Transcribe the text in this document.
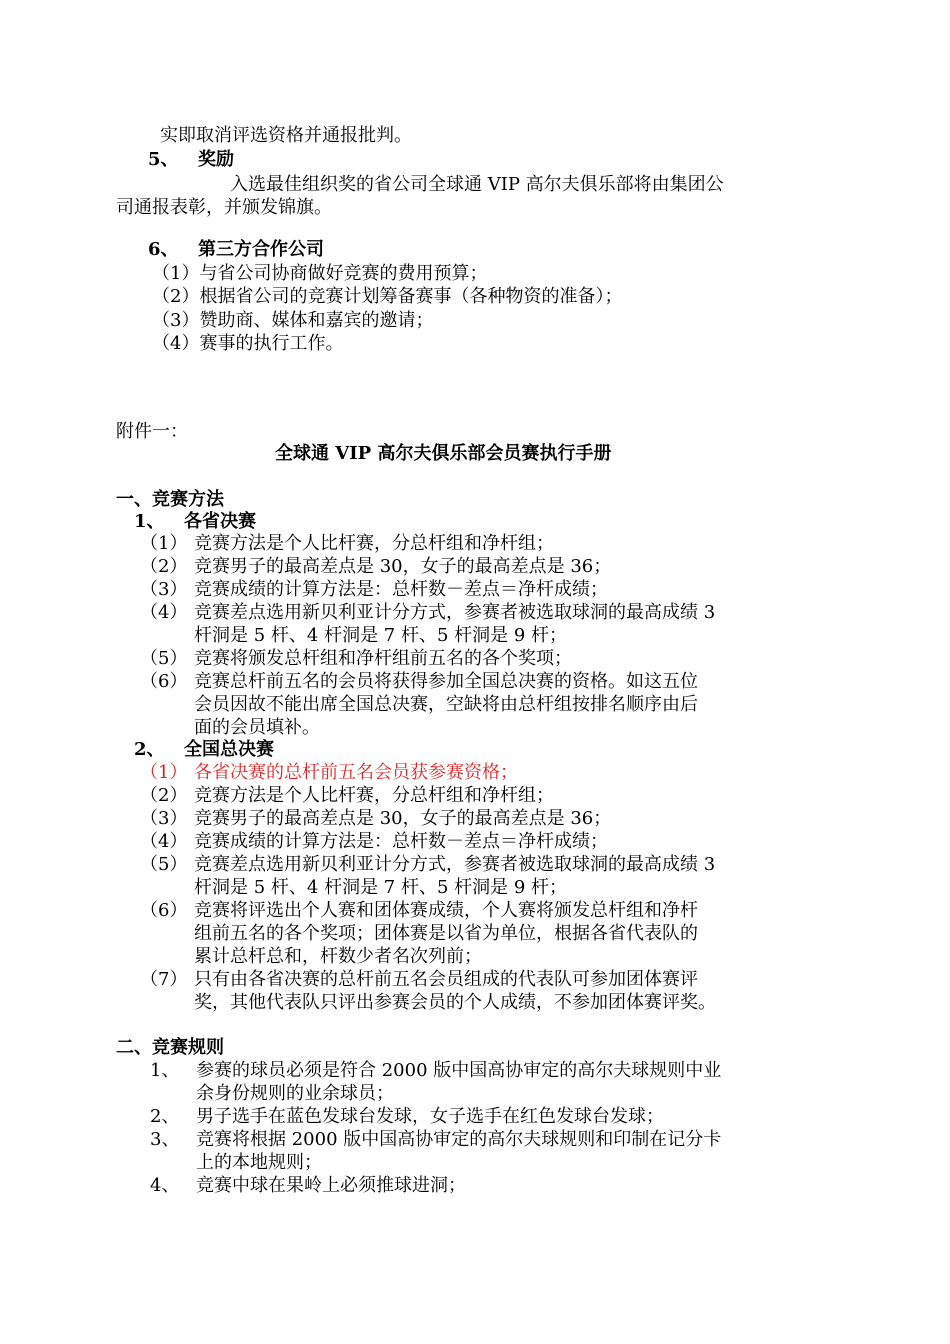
实即取消评选资格并通报批判。
5、 奖励
入选最佳组织奖的省公司全球通 VIP 高尔夫俱乐部将由集团公
司通报表彰，并颁发锦旗。
6、 第三方合作公司
（1）与省公司协商做好竞赛的费用预算；
（2）根据省公司的竞赛计划筹备赛事（各种物资的准备）；
（3）赞助商、媒体和嘉宾的邀请；
（4）赛事的执行工作。
附件一：
全球通 VIP 高尔夫俱乐部会员赛执行手册
一、竞赛方法
1、 各省决赛
（1） 竞赛方法是个人比杆赛，分总杆组和净杆组；
（2） 竞赛男子的最高差点是 30，女子的最高差点是 36；
（3） 竞赛成绩的计算方法是：总杆数－差点＝净杆成绩；
（4） 竞赛差点选用新贝利亚计分方式，参赛者被选取球洞的最高成绩 3
杆洞是 5 杆、4 杆洞是 7 杆、5 杆洞是 9 杆；
（5） 竞赛将颁发总杆组和净杆组前五名的各个奖项；
（6） 竞赛总杆前五名的会员将获得参加全国总决赛的资格。如这五位
会员因故不能出席全国总决赛，空缺将由总杆组按排名顺序由后
面的会员填补。
2、 全国总决赛
（1） 各省决赛的总杆前五名会员获参赛资格；
（2） 竞赛方法是个人比杆赛，分总杆组和净杆组；
（3） 竞赛男子的最高差点是 30，女子的最高差点是 36；
（4） 竞赛成绩的计算方法是：总杆数－差点＝净杆成绩；
（5） 竞赛差点选用新贝利亚计分方式，参赛者被选取球洞的最高成绩 3
杆洞是 5 杆、4 杆洞是 7 杆、5 杆洞是 9 杆；
（6） 竞赛将评选出个人赛和团体赛成绩，个人赛将颁发总杆组和净杆
组前五名的各个奖项；团体赛是以省为单位，根据各省代表队的
累计总杆总和，杆数少者名次列前；
（7） 只有由各省决赛的总杆前五名会员组成的代表队可参加团体赛评
奖，其他代表队只评出参赛会员的个人成绩，不参加团体赛评奖。
二、竞赛规则
1、 参赛的球员必须是符合 2000 版中国高协审定的高尔夫球规则中业
余身份规则的业余球员；
2、 男子选手在蓝色发球台发球，女子选手在红色发球台发球；
3、 竞赛将根据 2000 版中国高协审定的高尔夫球规则和印制在记分卡
上的本地规则；
4、 竞赛中球在果岭上必须推球进洞；
